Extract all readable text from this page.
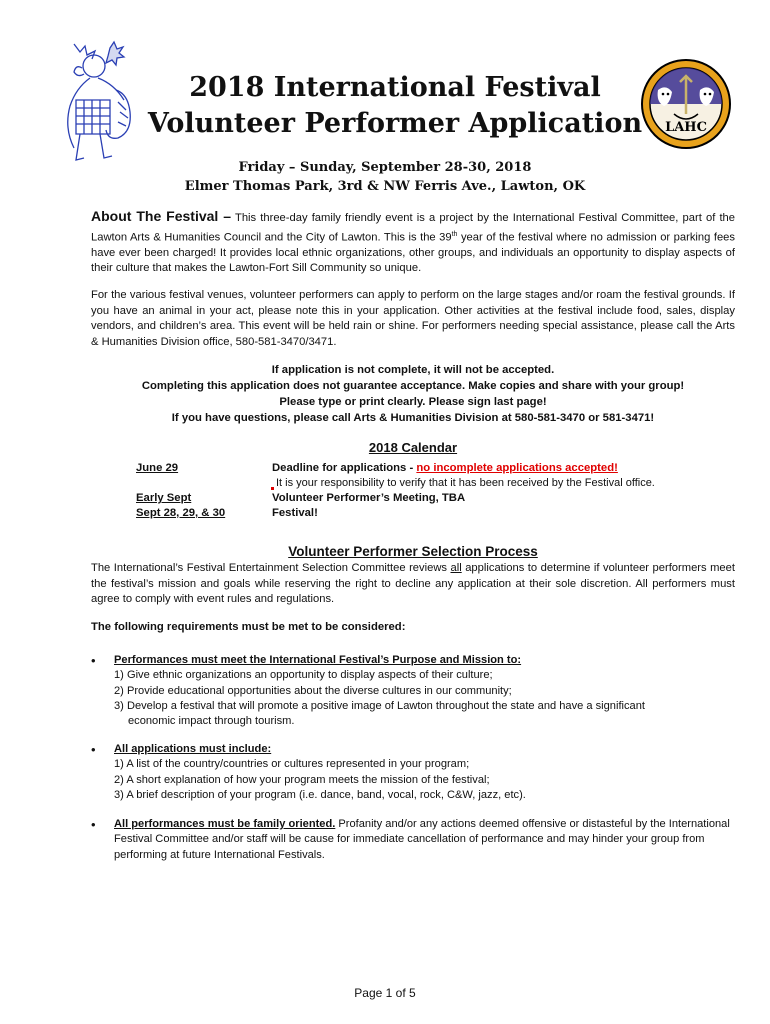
LAHC
2018 International Festival
Volunteer Performer Application
Friday – Sunday, September 28-30, 2018
Elmer Thomas Park, 3rd & NW Ferris Ave., Lawton, OK
About The Festival – This three-day family friendly event is a project by the International Festival Committee, part of the Lawton Arts & Humanities Council and the City of Lawton. This is the 39th year of the festival where no admission or parking fees have ever been charged! It provides local ethnic organizations, other groups, and individuals an opportunity to display aspects of their culture that makes the Lawton-Fort Sill Community so unique.
For the various festival venues, volunteer performers can apply to perform on the large stages and/or roam the festival grounds. If you have an animal in your act, please note this in your application. Other activities at the festival include food, sales, display vendors, and children’s area. This event will be held rain or shine. For performers needing special assistance, please call the Arts & Humanities Division office, 580-581-3470/3471.
If application is not complete, it will not be accepted.
Completing this application does not guarantee acceptance. Make copies and share with your group!
Please type or print clearly. Please sign last page!
If you have questions, please call Arts & Humanities Division at 580-581-3470 or 581-3471!
2018 Calendar
June 29	Deadline for applications - no incomplete applications accepted!
It is your responsibility to verify that it has been received by the Festival office.
Early Sept	Volunteer Performer’s Meeting, TBA
Sept 28, 29, & 30	Festival!
Volunteer Performer Selection Process
The International’s Festival Entertainment Selection Committee reviews all applications to determine if volunteer performers meet the festival’s mission and goals while reserving the right to decline any application at their sole discretion. All performers must agree to comply with event rules and regulations.
The following requirements must be met to be considered:
• Performances must meet the International Festival’s Purpose and Mission to:
1) Give ethnic organizations an opportunity to display aspects of their culture;
2) Provide educational opportunities about the diverse cultures in our community;
3) Develop a festival that will promote a positive image of Lawton throughout the state and have a significant
economic impact through tourism.
• All applications must include:
1) A list of the country/countries or cultures represented in your program;
2) A short explanation of how your program meets the mission of the festival;
3) A brief description of your program (i.e. dance, band, vocal, rock, C&W, jazz, etc).
• All performances must be family oriented. Profanity and/or any actions deemed offensive or distasteful by the International Festival Committee and/or staff will be cause for immediate cancellation of performance and may hinder your group from performing at future International Festivals.
Page 1 of 5
